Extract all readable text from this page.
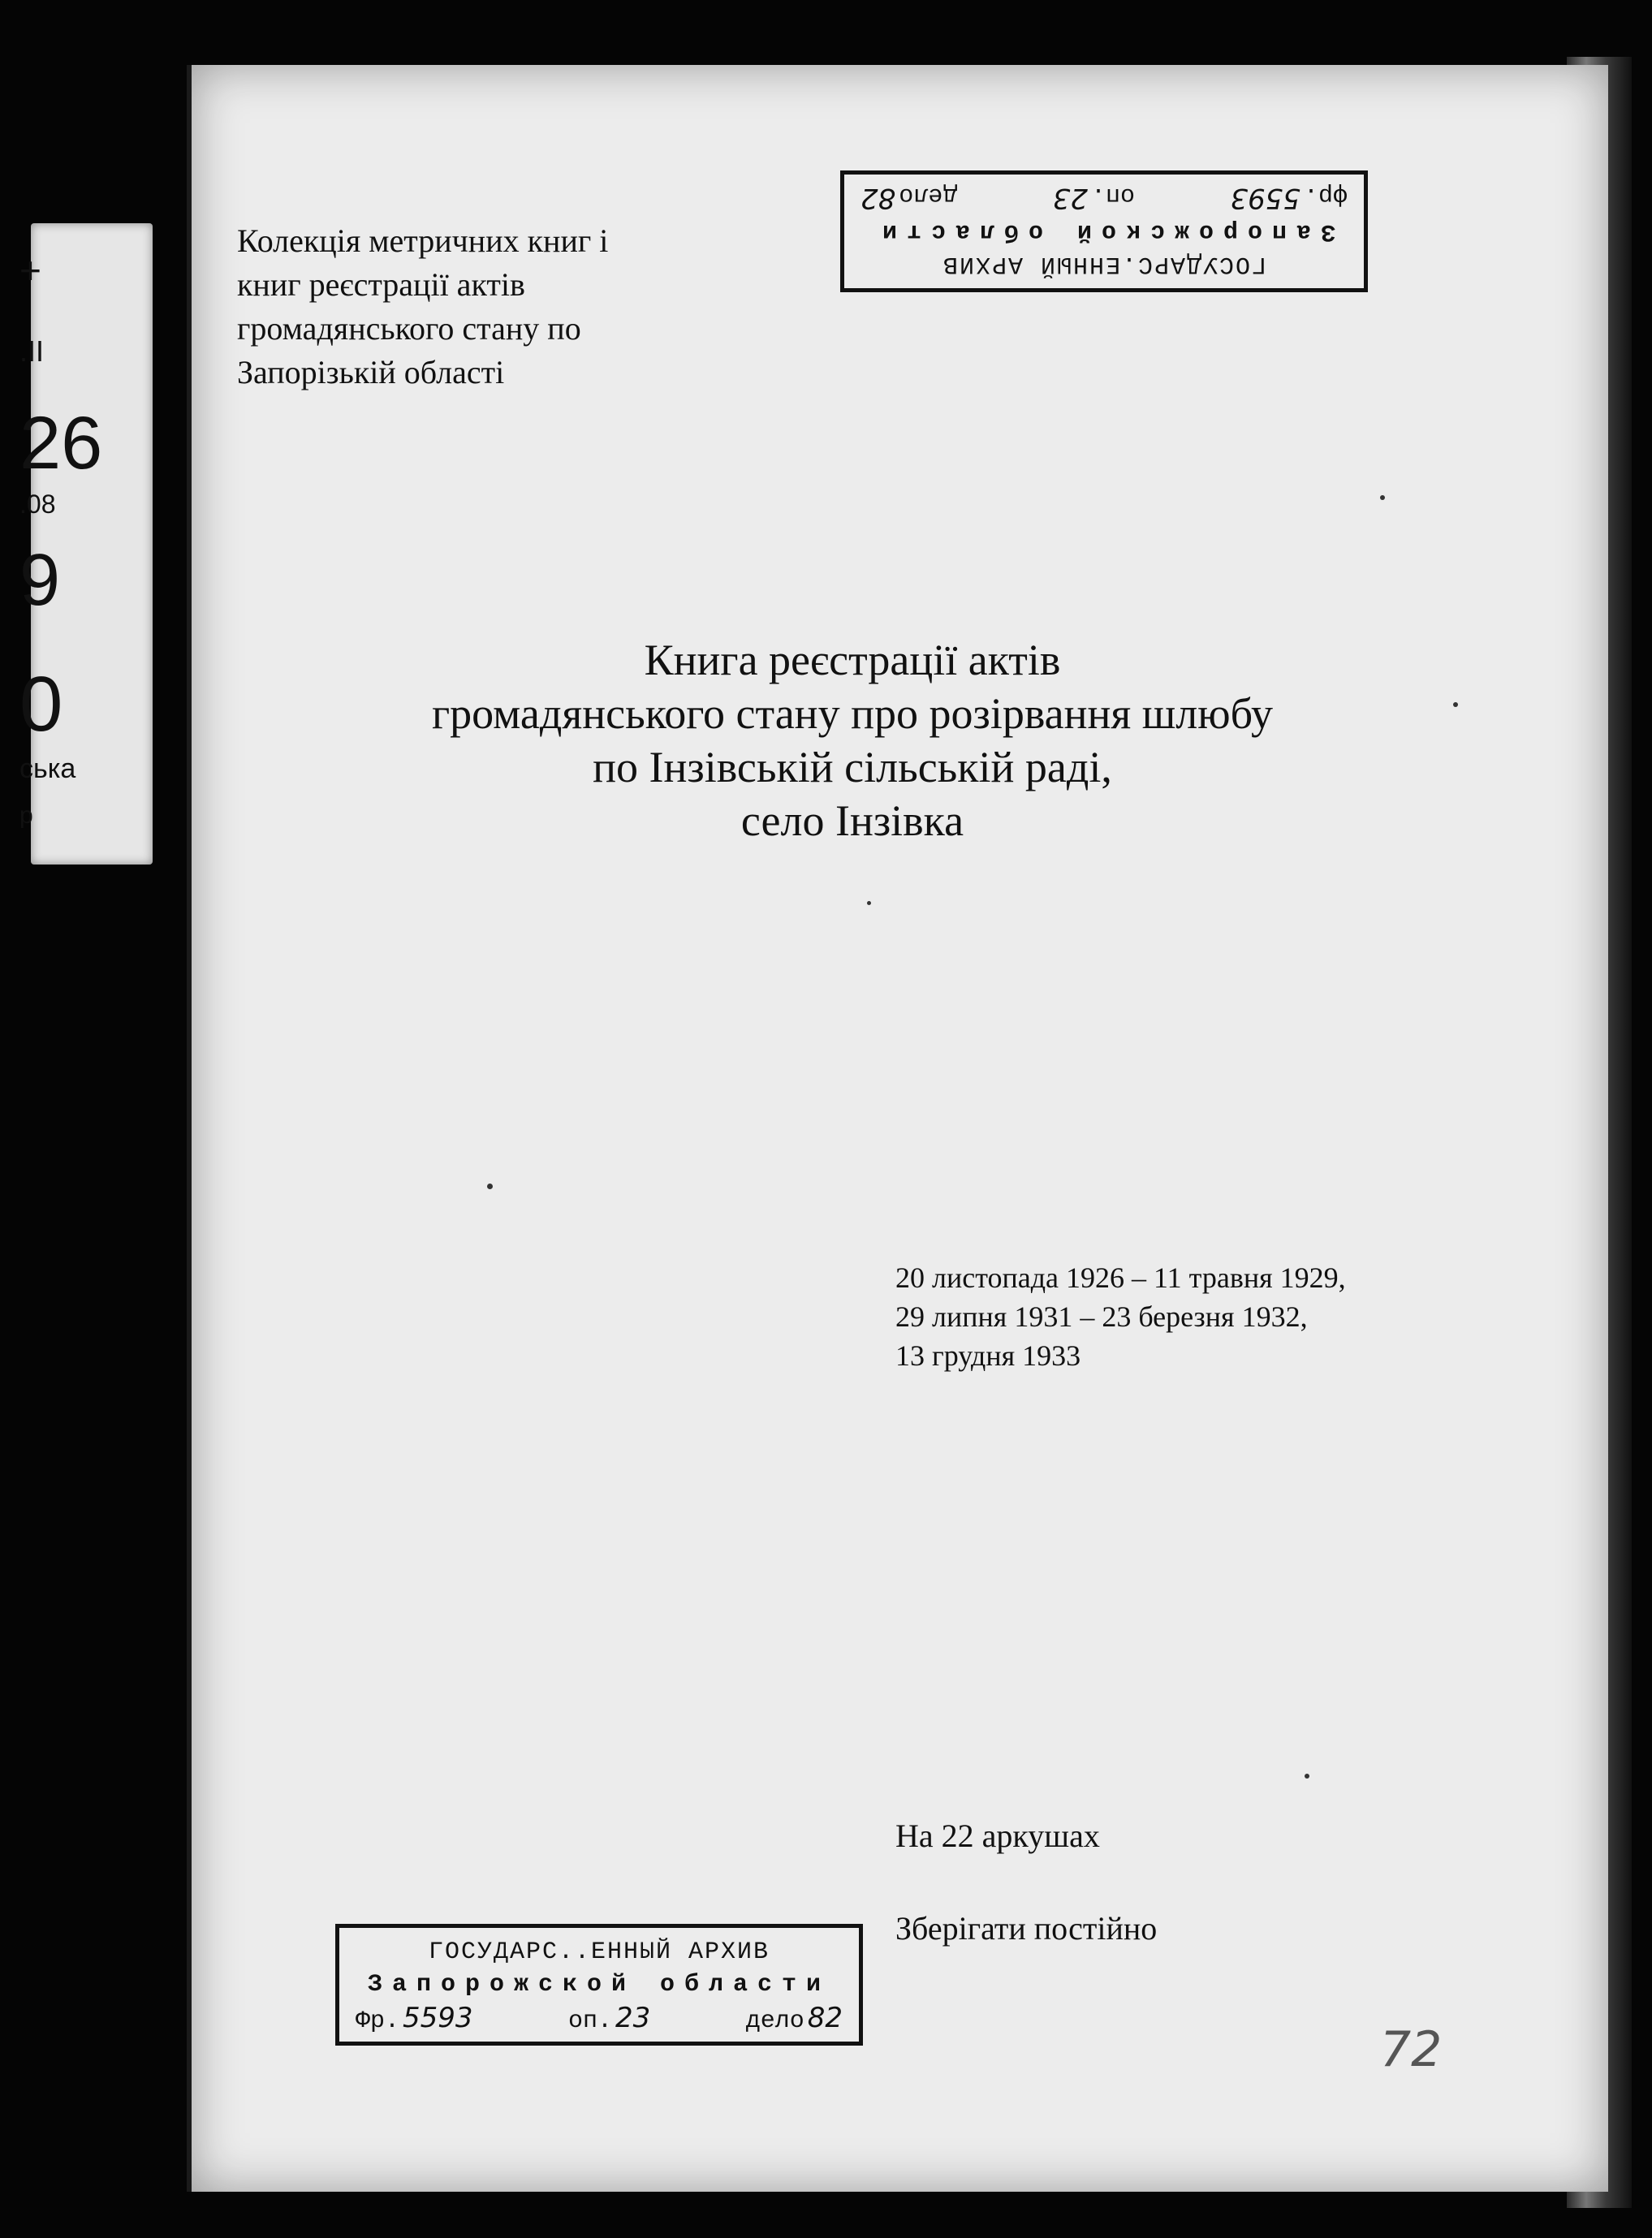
+
.II
26
.08
9
0
ська
р
Колекція метричних книг і
книг реєстрації актів
громадянського стану по
Запорізькій області
ГОСУДАРС.ЕННЫЙ АРХИВ
Запорожской области
фр.5593
оп.23
дело82
Книга реєстрації актів
громадянського стану про розірвання шлюбу
по Інзівській сільській раді,
село Інзівка
20 листопада 1926 – 11 травня 1929,
29 липня 1931 – 23 березня 1932,
13 грудня 1933
На 22 аркушах
Зберігати постійно
ГОСУДАРС..ЕННЫЙ АРХИВ
Запорожской области
Фр. 5593	оп. 23	дело 82
72
